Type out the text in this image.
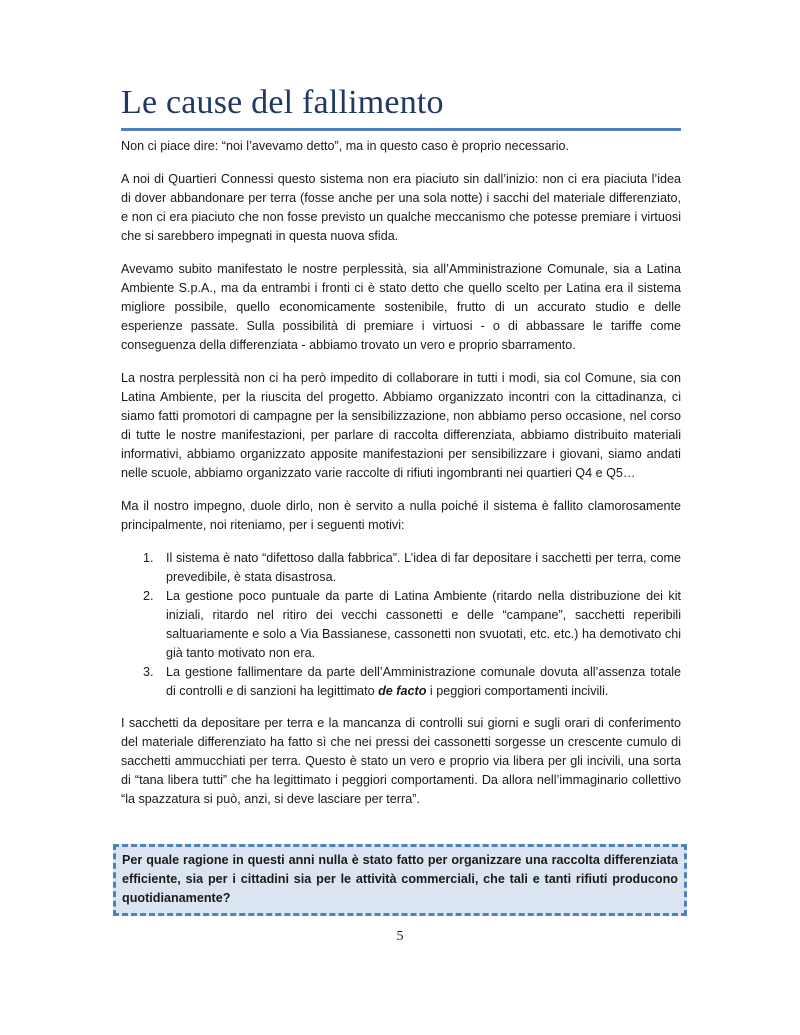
Le cause del fallimento

Non ci piace dire: “noi l’avevamo detto”, ma in questo caso è proprio necessario.

A noi di Quartieri Connessi questo sistema non era piaciuto sin dall’inizio: non ci era piaciuta l’idea di dover abbandonare per terra (fosse anche per una sola notte) i sacchi del materiale differenziato, e non ci era piaciuto che non fosse previsto un qualche meccanismo che potesse premiare i virtuosi che si sarebbero impegnati in questa nuova sfida.

Avevamo subito manifestato le nostre perplessità, sia all’Amministrazione Comunale, sia a Latina Ambiente S.p.A., ma da entrambi i fronti ci è stato detto che quello scelto per Latina era il sistema migliore possibile, quello economicamente sostenibile, frutto di un accurato studio e delle esperienze passate. Sulla possibilità di premiare i virtuosi - o di abbassare le tariffe come conseguenza della differenziata - abbiamo trovato un vero e proprio sbarramento.

La nostra perplessità non ci ha però impedito di collaborare in tutti i modi, sia col Comune, sia con Latina Ambiente, per la riuscita del progetto. Abbiamo organizzato incontri con la cittadinanza, ci siamo fatti promotori di campagne per la sensibilizzazione, non abbiamo perso occasione, nel corso di tutte le nostre manifestazioni, per parlare di raccolta differenziata, abbiamo distribuito materiali informativi, abbiamo organizzato apposite manifestazioni per sensibilizzare i giovani, siamo andati nelle scuole, abbiamo organizzato varie raccolte di rifiuti ingombranti nei quartieri Q4 e Q5…

Ma il nostro impegno, duole dirlo, non è servito a nulla poiché il sistema è fallito clamorosamente principalmente, noi riteniamo, per i seguenti motivi:

1. Il sistema è nato “difettoso dalla fabbrica”. L’idea di far depositare i sacchetti per terra, come prevedibile, è stata disastrosa.
2. La gestione poco puntuale da parte di Latina Ambiente (ritardo nella distribuzione dei kit iniziali, ritardo nel ritiro dei vecchi cassonetti e delle “campane”, sacchetti reperibili saltuariamente e solo a Via Bassianese, cassonetti non svuotati, etc. etc.) ha demotivato chi già tanto motivato non era.
3. La gestione fallimentare da parte dell’Amministrazione comunale dovuta all’assenza totale di controlli e di sanzioni ha legittimato de facto i peggiori comportamenti incivili.

I sacchetti da depositare per terra e la mancanza di controlli sui giorni e sugli orari di conferimento del materiale differenziato ha fatto sì che nei pressi dei cassonetti sorgesse un crescente cumulo di sacchetti ammucchiati per terra. Questo è stato un vero e proprio via libera per gli incivili, una sorta di “tana libera tutti” che ha legittimato i peggiori comportamenti. Da allora nell’immaginario collettivo “la spazzatura si può, anzi, si deve lasciare per terra”.

Per quale ragione in questi anni nulla è stato fatto per organizzare una raccolta differenziata efficiente, sia per i cittadini sia per le attività commerciali, che tali e tanti rifiuti producono quotidianamente?
5
